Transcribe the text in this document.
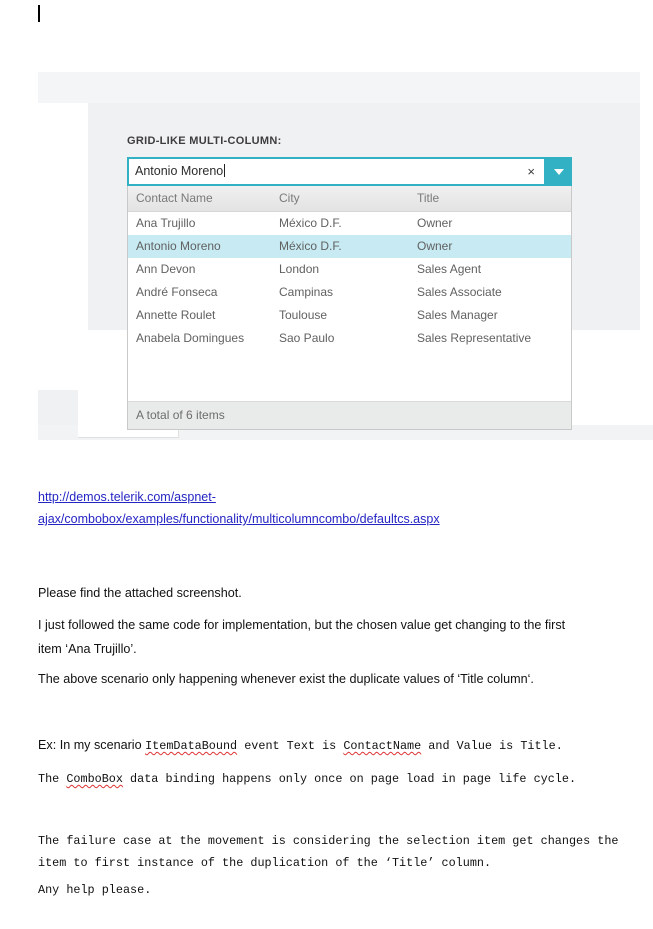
GRID-LIKE MULTI-COLUMN:
Antonio Moreno	×
Contact Name	City	Title
Ana Trujillo	México D.F.	Owner
Antonio Moreno	México D.F.	Owner
Ann Devon	London	Sales Agent
André Fonseca	Campinas	Sales Associate
Annette Roulet	Toulouse	Sales Manager
Anabela Domingues	Sao Paulo	Sales Representative
A total of 6 items
http://demos.telerik.com/aspnet-
ajax/combobox/examples/functionality/multicolumncombo/defaultcs.aspx

Please find the attached screenshot.

I just followed the same code for implementation, but the chosen value get changing to the first
item ‘Ana Trujillo’.

The above scenario only happening whenever exist the duplicate values of ‘Title column‘.

Ex: In my scenario ItemDataBound event Text is ContactName and Value is Title.

The ComboBox data binding happens only once on page load in page life cycle.

The failure case at the movement is considering the selection item get changes the
item to first instance of the duplication of the ‘Title’ column.

Any help please.
